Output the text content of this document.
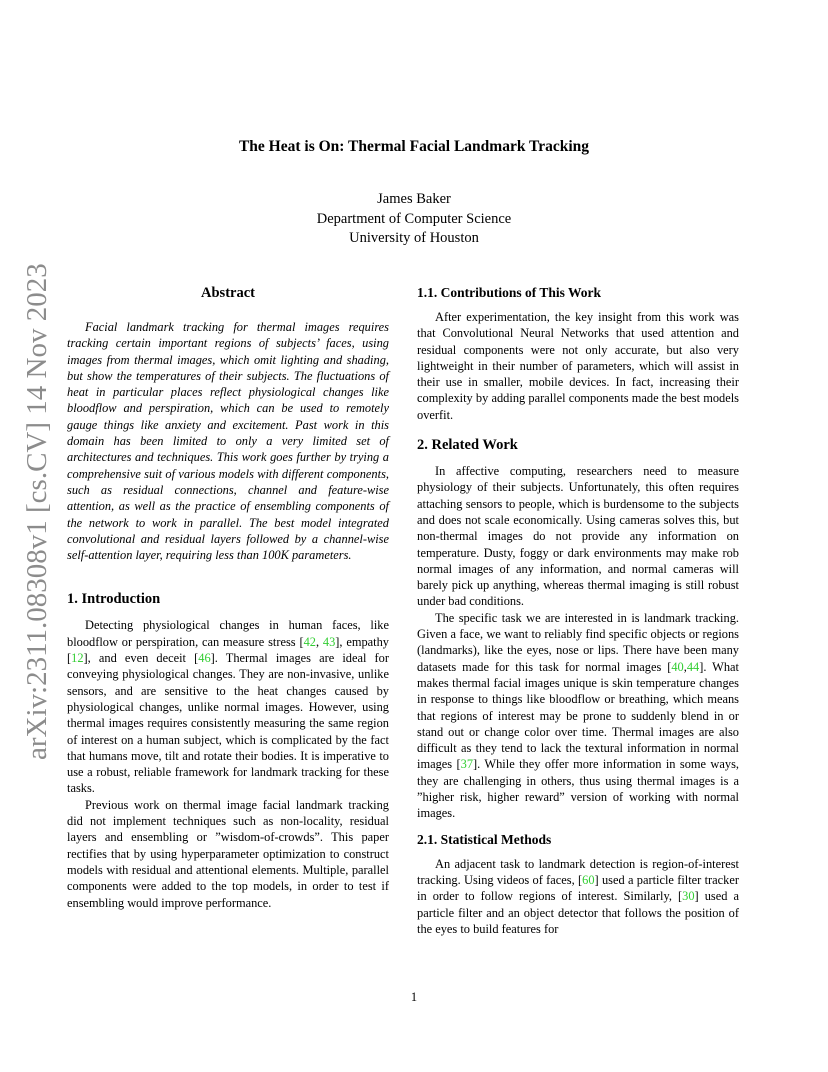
arXiv:2311.08308v1 [cs.CV] 14 Nov 2023
The Heat is On: Thermal Facial Landmark Tracking
James Baker
Department of Computer Science
University of Houston
Abstract

Facial landmark tracking for thermal images requires tracking certain important regions of subjects’ faces, using images from thermal images, which omit lighting and shading, but show the temperatures of their subjects. The fluctuations of heat in particular places reflect physiological changes like bloodflow and perspiration, which can be used to remotely gauge things like anxiety and excitement. Past work in this domain has been limited to only a very limited set of architectures and techniques. This work goes further by trying a comprehensive suit of various models with different components, such as residual connections, channel and feature-wise attention, as well as the practice of ensembling components of the network to work in parallel. The best model integrated convolutional and residual layers followed by a channel-wise self-attention layer, requiring less than 100K parameters.

1. Introduction

Detecting physiological changes in human faces, like bloodflow or perspiration, can measure stress [42, 43], empathy [12], and even deceit [46]. Thermal images are ideal for conveying physiological changes. They are non-invasive, unlike sensors, and are sensitive to the heat changes caused by physiological changes, unlike normal images. However, using thermal images requires consistently measuring the same region of interest on a human subject, which is complicated by the fact that humans move, tilt and rotate their bodies. It is imperative to use a robust, reliable framework for landmark tracking for these tasks.

Previous work on thermal image facial landmark tracking did not implement techniques such as non-locality, residual layers and ensembling or ”wisdom-of-crowds”. This paper rectifies that by using hyperparameter optimization to construct models with residual and attentional elements. Multiple, parallel components were added to the top models, in order to test if ensembling would improve performance.

1.1. Contributions of This Work

After experimentation, the key insight from this work was that Convolutional Neural Networks that used attention and residual components were not only accurate, but also very lightweight in their number of parameters, which will assist in their use in smaller, mobile devices. In fact, increasing their complexity by adding parallel components made the best models overfit.

2. Related Work

In affective computing, researchers need to measure physiology of their subjects. Unfortunately, this often requires attaching sensors to people, which is burdensome to the subjects and does not scale economically. Using cameras solves this, but non-thermal images do not provide any information on temperature. Dusty, foggy or dark environments may make rob normal images of any information, and normal cameras will barely pick up anything, whereas thermal imaging is still robust under bad conditions.

The specific task we are interested in is landmark tracking. Given a face, we want to reliably find specific objects or regions (landmarks), like the eyes, nose or lips. There have been many datasets made for this task for normal images [40,44]. What makes thermal facial images unique is skin temperature changes in response to things like bloodflow or breathing, which means that regions of interest may be prone to suddenly blend in or stand out or change color over time. Thermal images are also difficult as they tend to lack the textural information in normal images [37]. While they offer more information in some ways, they are challenging in others, thus using thermal images is a ”higher risk, higher reward” version of working with normal images.

2.1. Statistical Methods

An adjacent task to landmark detection is region-of-interest tracking. Using videos of faces, [60] used a particle filter tracker in order to follow regions of interest. Similarly, [30] used a particle filter and an object detector that follows the position of the eyes to build features for

1
